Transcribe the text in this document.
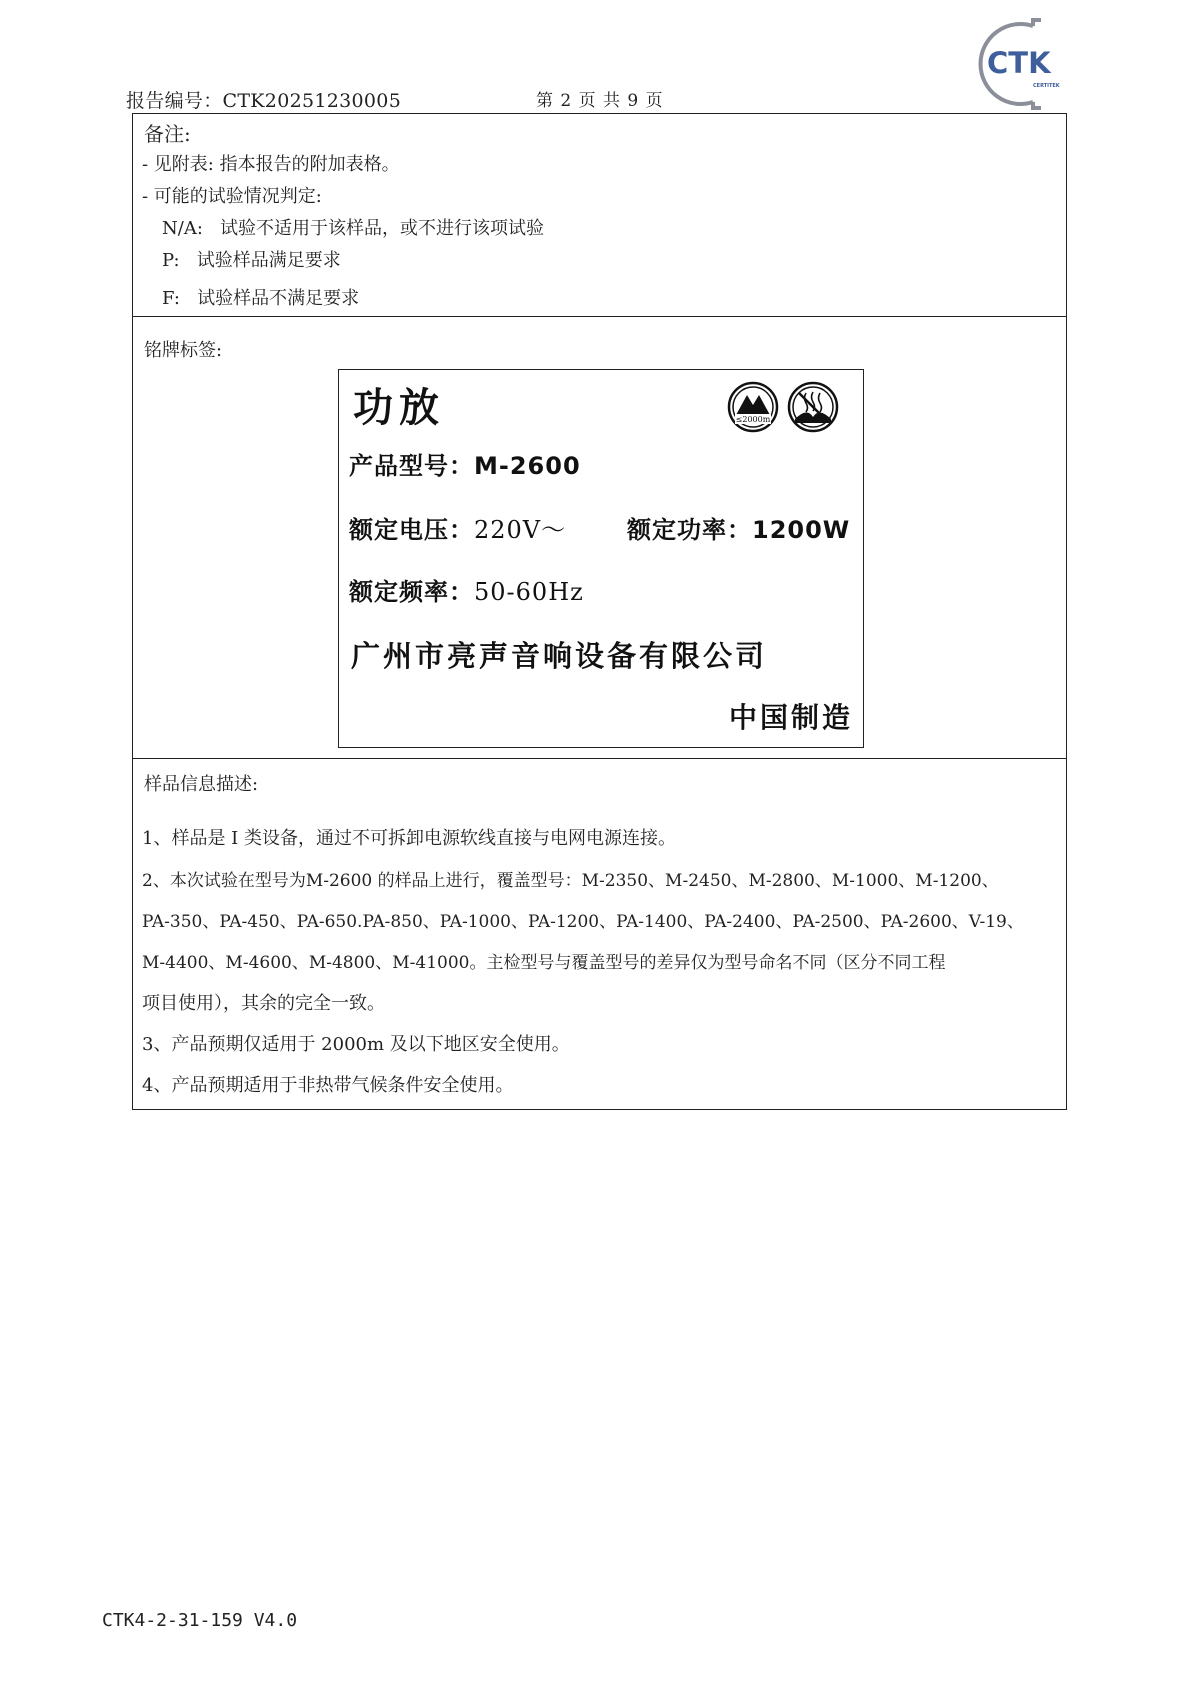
报告编号：CTK20251230005	第 2 页 共 9 页
CTK
CERTITEK
备注:
- 见附表: 指本报告的附加表格。
- 可能的试验情况判定:
N/A:   试验不适用于该样品，或不进行该项试验
P:   试验样品满足要求
F:   试验样品不满足要求
铭牌标签:
功放	≤2000m
产品型号：M-2600
额定电压：220V～	额定功率：1200W
额定频率：50-60Hz
广州市亮声音响设备有限公司
中国制造
样品信息描述:
1、样品是 I 类设备，通过不可拆卸电源软线直接与电网电源连接。
2、本次试验在型号为M-2600 的样品上进行，覆盖型号：M-2350、M-2450、M-2800、M-1000、M-1200、
PA-350、PA-450、PA-650.PA-850、PA-1000、PA-1200、PA-1400、PA-2400、PA-2500、PA-2600、V-19、
M-4400、M-4600、M-4800、M-41000。主检型号与覆盖型号的差异仅为型号命名不同（区分不同工程
项目使用），其余的完全一致。
3、产品预期仅适用于 2000m 及以下地区安全使用。
4、产品预期适用于非热带气候条件安全使用。
CTK4-2-31-159 V4.0
